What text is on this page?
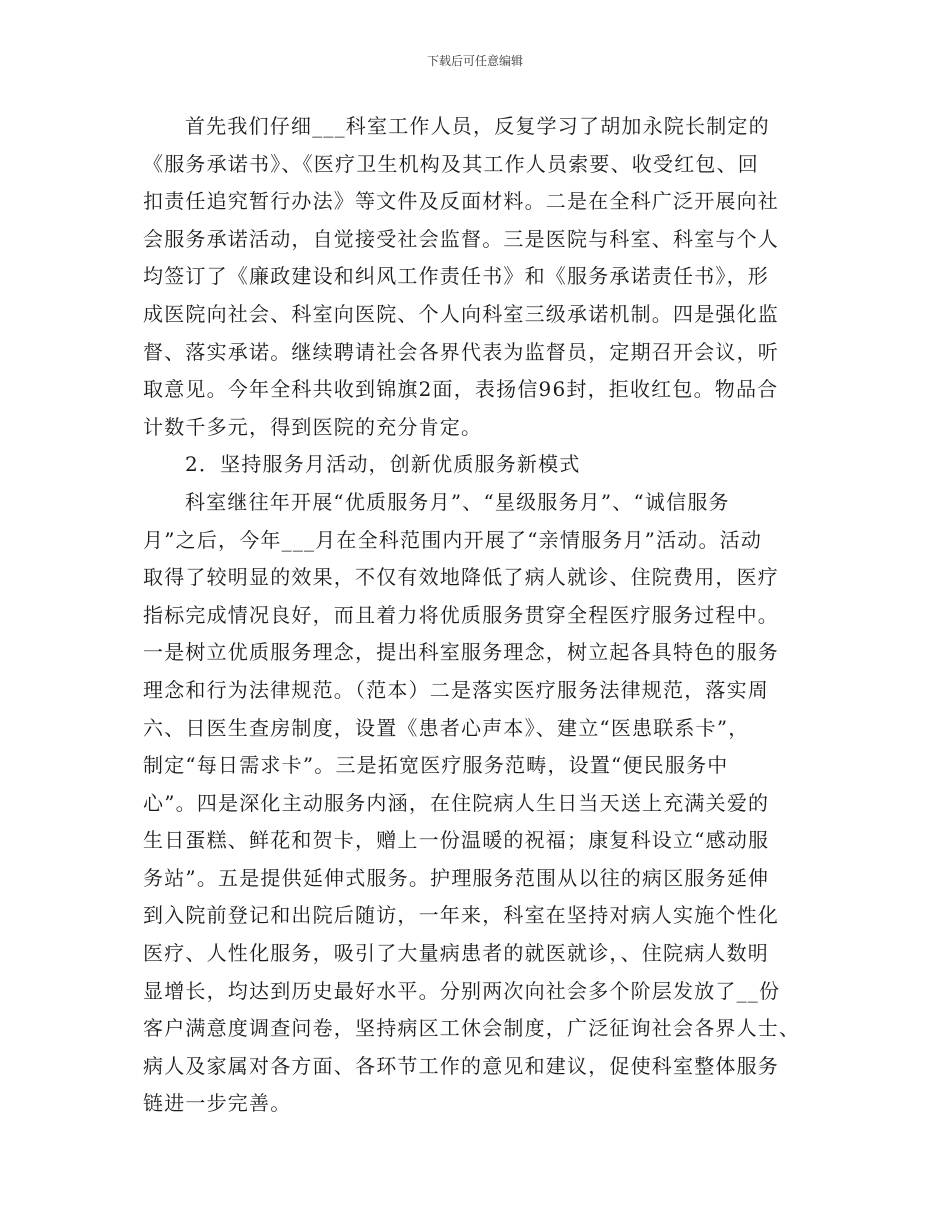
下载后可任意编辑
首先我们仔细___科室工作人员，反复学习了胡加永院长制定的
《服务承诺书》、《医疗卫生机构及其工作人员索要、收受红包、回
扣责任追究暂行办法》等文件及反面材料。二是在全科广泛开展向社
会服务承诺活动，自觉接受社会监督。三是医院与科室、科室与个人
均签订了《廉政建设和纠风工作责任书》和《服务承诺责任书》，形
成医院向社会、科室向医院、个人向科室三级承诺机制。四是强化监
督、落实承诺。继续聘请社会各界代表为监督员，定期召开会议，听
取意见。今年全科共收到锦旗2面，表扬信96封，拒收红包。物品合
计数千多元，得到医院的充分肯定。
2．坚持服务月活动，创新优质服务新模式
科室继往年开展“优质服务月”、“星级服务月”、“诚信服务
月”之后，今年___月在全科范围内开展了“亲情服务月”活动。活动
取得了较明显的效果，不仅有效地降低了病人就诊、住院费用，医疗
指标完成情况良好，而且着力将优质服务贯穿全程医疗服务过程中。
一是树立优质服务理念，提出科室服务理念，树立起各具特色的服务
理念和行为法律规范。（范本）二是落实医疗服务法律规范，落实周
六、日医生查房制度，设置《患者心声本》、建立“医患联系卡”，
制定“每日需求卡”。三是拓宽医疗服务范畴，设置“便民服务中
心”。四是深化主动服务内涵，在住院病人生日当天送上充满关爱的
生日蛋糕、鲜花和贺卡，赠上一份温暖的祝福；康复科设立“感动服
务站”。五是提供延伸式服务。护理服务范围从以往的病区服务延伸
到入院前登记和出院后随访，一年来，科室在坚持对病人实施个性化
医疗、人性化服务，吸引了大量病患者的就医就诊，、住院病人数明
显增长，均达到历史最好水平。分别两次向社会多个阶层发放了__份
客户满意度调查问卷，坚持病区工休会制度，广泛征询社会各界人士、
病人及家属对各方面、各环节工作的意见和建议，促使科室整体服务
链进一步完善。
